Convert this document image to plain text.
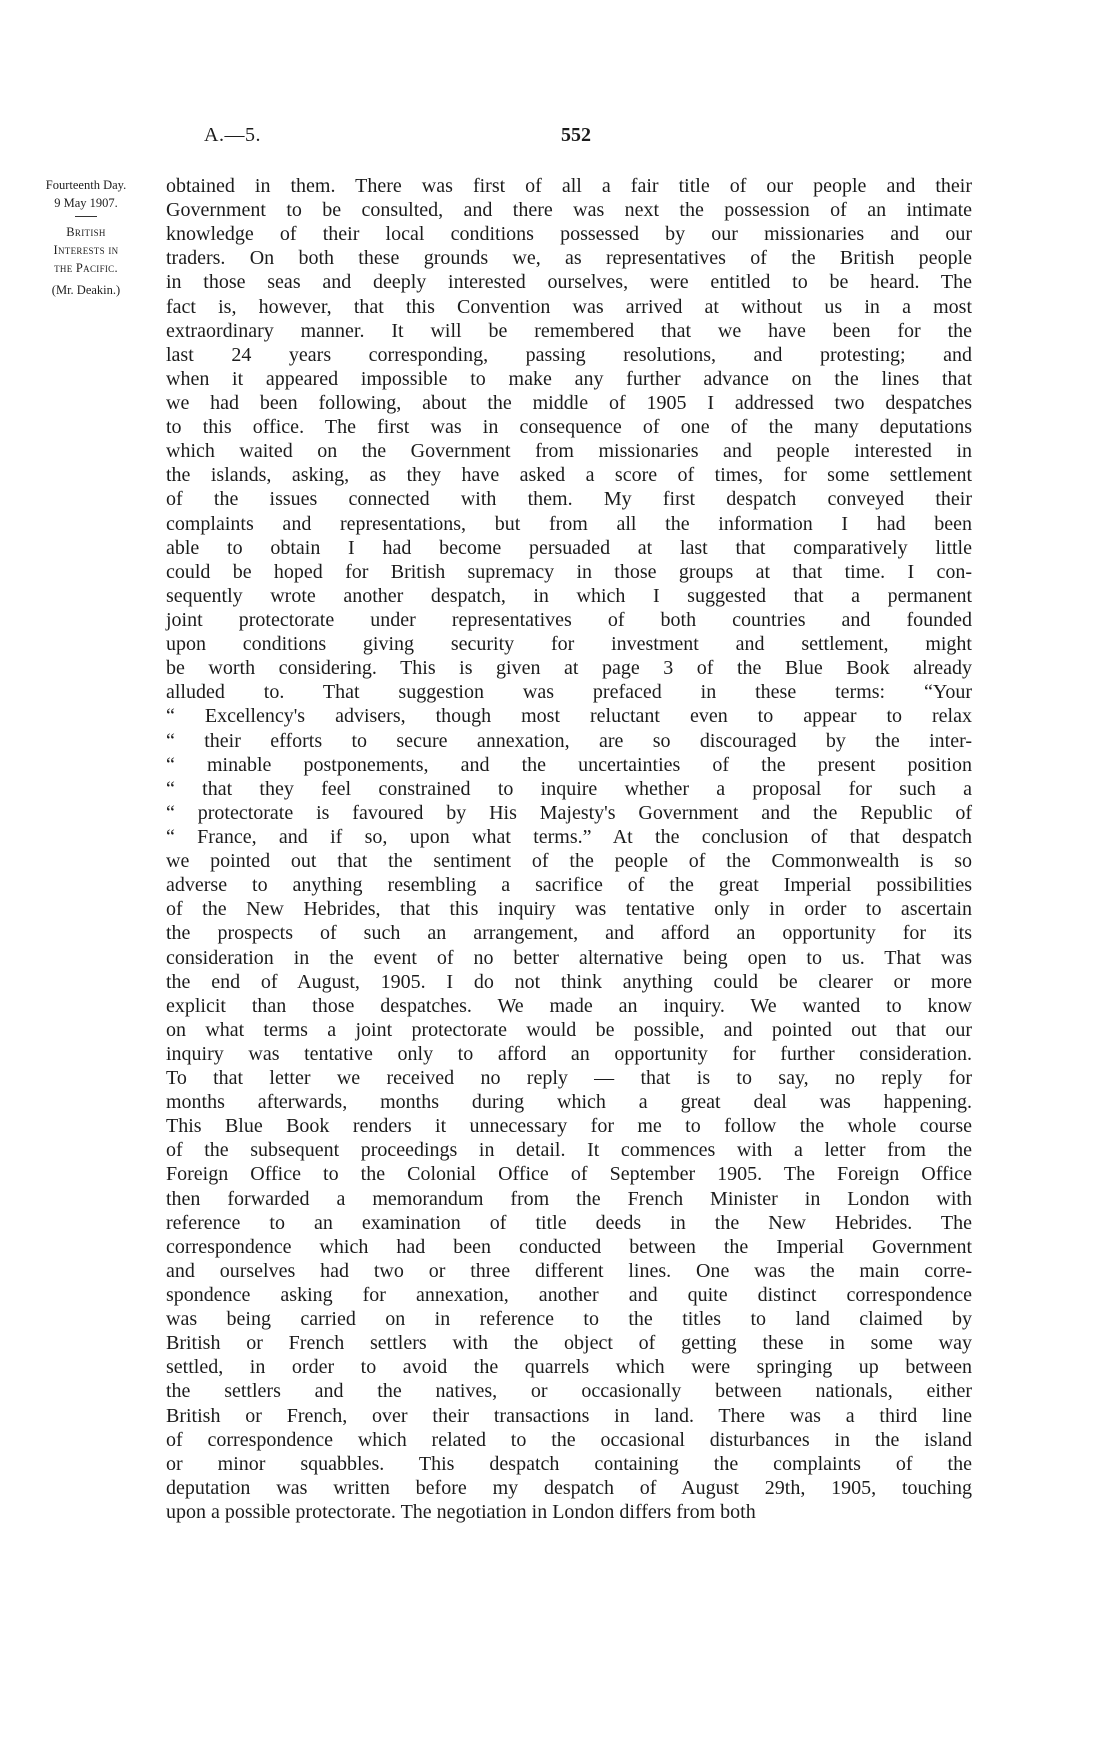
A.—5.	552
Fourteenth Day.
9 May 1907.
British
Interests in
the Pacific.
(Mr. Deakin.)
obtained in them. There was first of all a fair title of our people and their
Government to be consulted, and there was next the possession of an intimate
knowledge of their local conditions possessed by our missionaries and our
traders. On both these grounds we, as representatives of the British people
in those seas and deeply interested ourselves, were entitled to be heard. The
fact is, however, that this Convention was arrived at without us in a most
extraordinary manner. It will be remembered that we have been for the
last 24 years corresponding, passing resolutions, and protesting; and
when it appeared impossible to make any further advance on the lines that
we had been following, about the middle of 1905 I addressed two despatches
to this office. The first was in consequence of one of the many deputations
which waited on the Government from missionaries and people interested in
the islands, asking, as they have asked a score of times, for some settlement
of the issues connected with them. My first despatch conveyed their
complaints and representations, but from all the information I had been
able to obtain I had become persuaded at last that comparatively little
could be hoped for British supremacy in those groups at that time. I con-
sequently wrote another despatch, in which I suggested that a permanent
joint protectorate under representatives of both countries and founded
upon conditions giving security for investment and settlement, might
be worth considering. This is given at page 3 of the Blue Book already
alluded to. That suggestion was prefaced in these terms: “Your
“ Excellency's advisers, though most reluctant even to appear to relax
“ their efforts to secure annexation, are so discouraged by the inter-
“ minable postponements, and the uncertainties of the present position
“ that they feel constrained to inquire whether a proposal for such a
“ protectorate is favoured by His Majesty's Government and the Republic of
“ France, and if so, upon what terms.” At the conclusion of that despatch
we pointed out that the sentiment of the people of the Commonwealth is so
adverse to anything resembling a sacrifice of the great Imperial possibilities
of the New Hebrides, that this inquiry was tentative only in order to ascertain
the prospects of such an arrangement, and afford an opportunity for its
consideration in the event of no better alternative being open to us. That was
the end of August, 1905. I do not think anything could be clearer or more
explicit than those despatches. We made an inquiry. We wanted to know
on what terms a joint protectorate would be possible, and pointed out that our
inquiry was tentative only to afford an opportunity for further consideration.
To that letter we received no reply — that is to say, no reply for
months afterwards, months during which a great deal was happening.
This Blue Book renders it unnecessary for me to follow the whole course
of the subsequent proceedings in detail. It commences with a letter from the
Foreign Office to the Colonial Office of September 1905. The Foreign Office
then forwarded a memorandum from the French Minister in London with
reference to an examination of title deeds in the New Hebrides. The
correspondence which had been conducted between the Imperial Government
and ourselves had two or three different lines. One was the main corre-
spondence asking for annexation, another and quite distinct correspondence
was being carried on in reference to the titles to land claimed by
British or French settlers with the object of getting these in some way
settled, in order to avoid the quarrels which were springing up between
the settlers and the natives, or occasionally between nationals, either
British or French, over their transactions in land. There was a third line
of correspondence which related to the occasional disturbances in the island
or minor squabbles. This despatch containing the complaints of the
deputation was written before my despatch of August 29th, 1905, touching
upon a possible protectorate. The negotiation in London differs from both
